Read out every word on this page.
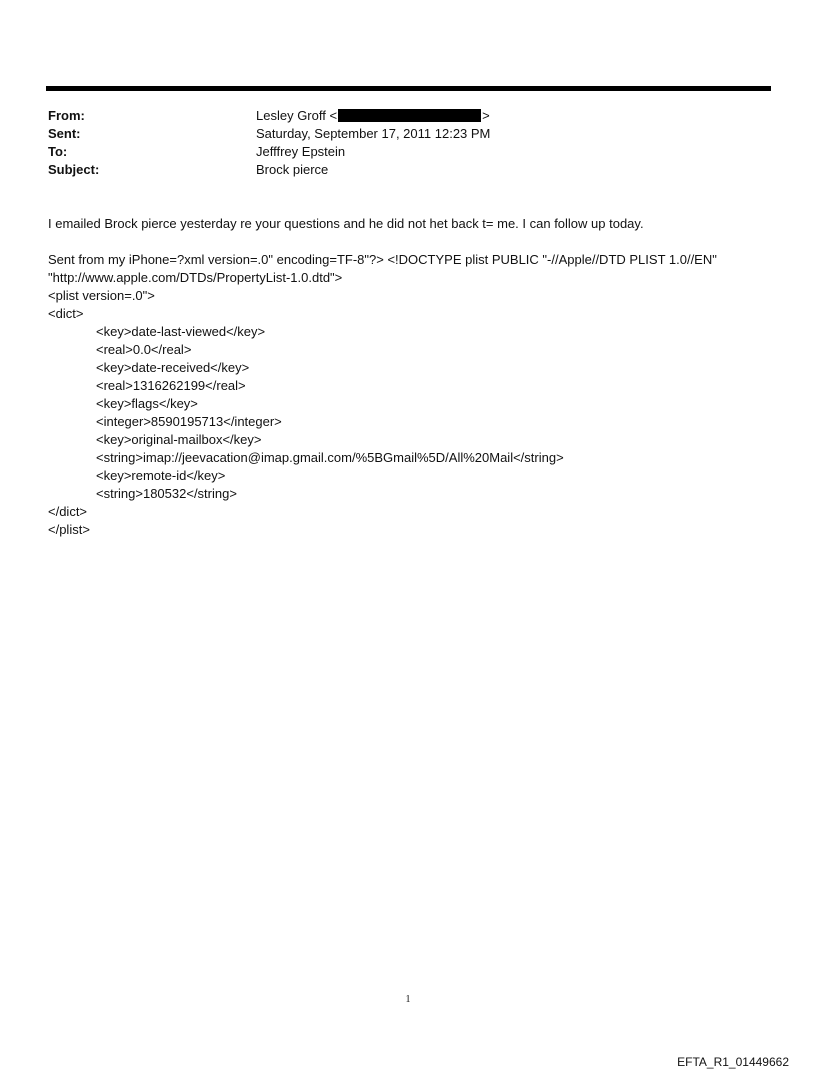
From:	Lesley Groff <	>
Sent:	Saturday, September 17, 2011 12:23 PM
To:	Jefffrey Epstein
Subject:	Brock pierce
I emailed Brock pierce yesterday re your questions and he did not het back t= me. I can follow up today.
Sent from my iPhone=?xml version=.0" encoding=TF-8"?> <!DOCTYPE plist PUBLIC "-//Apple//DTD PLIST 1.0//EN"
"http://www.apple.com/DTDs/PropertyList-1.0.dtd">
<plist version=.0">
<dict>
<key>date-last-viewed</key>
<real>0.0</real>
<key>date-received</key>
<real>1316262199</real>
<key>flags</key>
<integer>8590195713</integer>
<key>original-mailbox</key>
<string>imap://jeevacation@imap.gmail.com/%5BGmail%5D/All%20Mail</string>
<key>remote-id</key>
<string>180532</string>
</dict>
</plist>
1
EFTA_R1_01449662
